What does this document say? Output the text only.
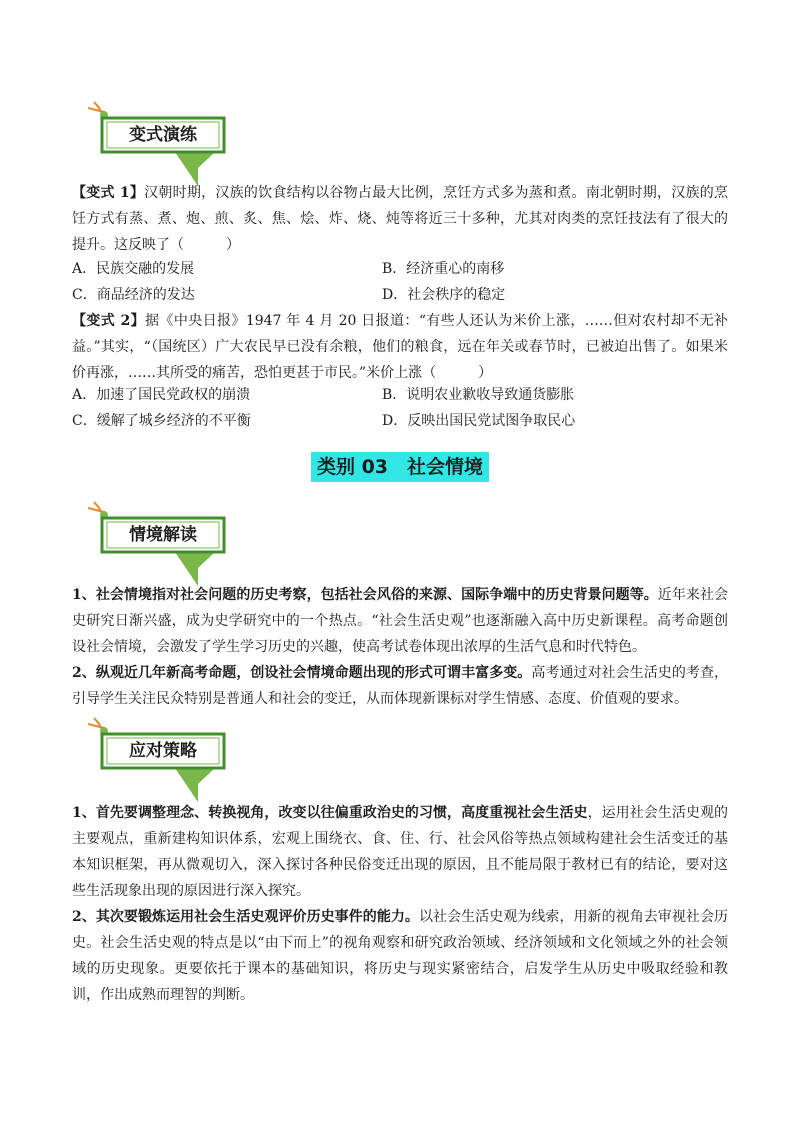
变式演练

【变式 1】汉朝时期，汉族的饮食结构以谷物占最大比例，烹饪方式多为蒸和煮。南北朝时期，汉族的烹饪方式有蒸、煮、炮、煎、炙、焦、烩、炸、烧、炖等将近三十多种，尤其对肉类的烹饪技法有了很大的提升。这反映了（　　　）

A．民族交融的发展	B．经济重心的南移
C．商品经济的发达	D．社会秩序的稳定

【变式 2】据《中央日报》1947 年 4 月 20 日报道：“有些人还认为米价上涨，……但对农村却不无补益。”其实，“（国统区）广大农民早已没有余粮，他们的粮食，远在年关或春节时，已被迫出售了。如果米价再涨，……其所受的痛苦，恐怕更甚于市民。”米价上涨（　　　）

A．加速了国民党政权的崩溃	B．说明农业歉收导致通货膨胀
C．缓解了城乡经济的不平衡	D．反映出国民党试图争取民心
类别 03　社会情境
情境解读

1、社会情境指对社会问题的历史考察，包括社会风俗的来源、国际争端中的历史背景问题等。近年来社会史研究日渐兴盛，成为史学研究中的一个热点。“社会生活史观”也逐渐融入高中历史新课程。高考命题创设社会情境，会激发了学生学习历史的兴趣，使高考试卷体现出浓厚的生活气息和时代特色。

2、纵观近几年新高考命题，创设社会情境命题出现的形式可谓丰富多变。高考通过对社会生活史的考查，引导学生关注民众特别是普通人和社会的变迁，从而体现新课标对学生情感、态度、价值观的要求。

应对策略

1、首先要调整理念、转换视角，改变以往偏重政治史的习惯，高度重视社会生活史，运用社会生活史观的主要观点，重新建构知识体系，宏观上围绕衣、食、住、行、社会风俗等热点领域构建社会生活变迁的基本知识框架，再从微观切入，深入探讨各种民俗变迁出现的原因，且不能局限于教材已有的结论，要对这些生活现象出现的原因进行深入探究。

2、其次要锻炼运用社会生活史观评价历史事件的能力。以社会生活史观为线索，用新的视角去审视社会历史。社会生活史观的特点是以“由下而上”的视角观察和研究政治领域、经济领域和文化领域之外的社会领域的历史现象。更要依托于课本的基础知识，将历史与现实紧密结合，启发学生从历史中吸取经验和教训，作出成熟而理智的判断。
